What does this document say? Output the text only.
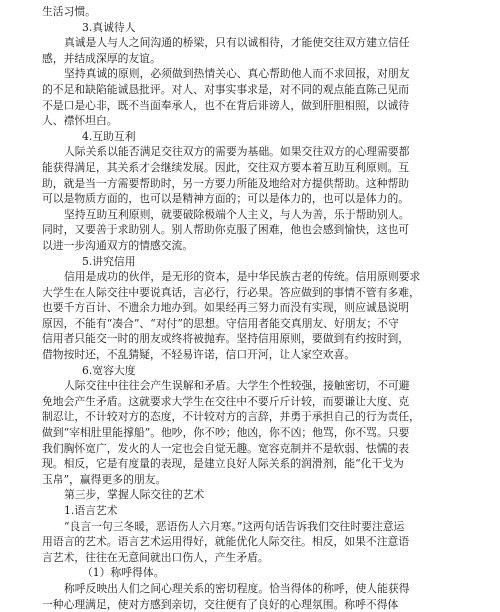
生活习惯。

3.真诚待人

真诚是人与人之间沟通的桥梁，只有以诚相待，才能使交往双方建立信任

感，并结成深厚的友谊。

坚持真诚的原则，必须做到热情关心、真心帮助他人而不求回报，对朋友

的不足和缺陷能诚恳批评。对人、对事实事求是，对不同的观点能直陈己见而

不是口是心非，既不当面奉承人，也不在背后诽谤人，做到肝胆相照，以诚待

人、襟怀坦白。

4.互助互利

人际关系以能否满足交往双方的需要为基础。如果交往双方的心理需要都

能获得满足，其关系才会继续发展。因此，交往双方要本着互助互利原则。互

助，就是当一方需要帮助时，另一方要力所能及地给对方提供帮助。这种帮助

可以是物质方面的，也可以是精神方面的；可以是体力的，也可以是体力的。

坚持互助互利原则，就要破除极端个人主义，与人为善，乐于帮助别人。

同时，又要善于求助别人。别人帮助你克服了困难，他也会感到愉快，这也可

以进一步沟通双方的情感交流。

5.讲究信用

信用是成功的伙伴，是无形的资本，是中华民族古老的传统。信用原则要求

大学生在人际交往中要说真话，言必行，行必果。答应做到的事情不管有多难，

也要千方百计、不遗余力地办到。如果经再三努力而没有实现，则应诚恳说明

原因，不能有“凑合”、“对付”的思想。守信用者能交真朋友、好朋友；不守

信用者只能交一时的朋友或终将被抛弃。坚持信用原则，要做到有约按时到，

借物按时还，不乱猜疑，不轻易许诺，信口开河，让人家空欢喜。

6.宽容大度

人际交往中往往会产生误解和矛盾。大学生个性较强，接触密切，不可避

免地会产生矛盾。这就要求大学生在交往中不要斤斤计较，而要谦让大度、克

制忍让，不计较对方的态度，不计较对方的言辞，并勇于承担自己的行为责任，

做到“宰相肚里能撑船”。他吵，你不吵；他凶，你不凶；他骂，你不骂。只要

我们胸怀宽广，发火的人一定也会自觉无趣。宽容克制并不是软弱、怯懦的表

现。相反，它是有度量的表现，是建立良好人际关系的润滑剂，能“化干戈为

玉帛”，赢得更多的朋友。

第三步，掌握人际交往的艺术

1.语言艺术

“良言一句三冬暖，恶语伤人六月寒。”这两句话告诉我们交往时要注意运

用语言的艺术。语言艺术运用得好，就能优化人际交往。相反，如果不注意语

言艺术，往往在无意间就出口伤人，产生矛盾。

（1）称呼得体。

称呼反映出人们之间心理关系的密切程度。恰当得体的称呼，使人能获得

一种心理满足，使对方感到亲切，交往便有了良好的心理氛围。称呼不得体
